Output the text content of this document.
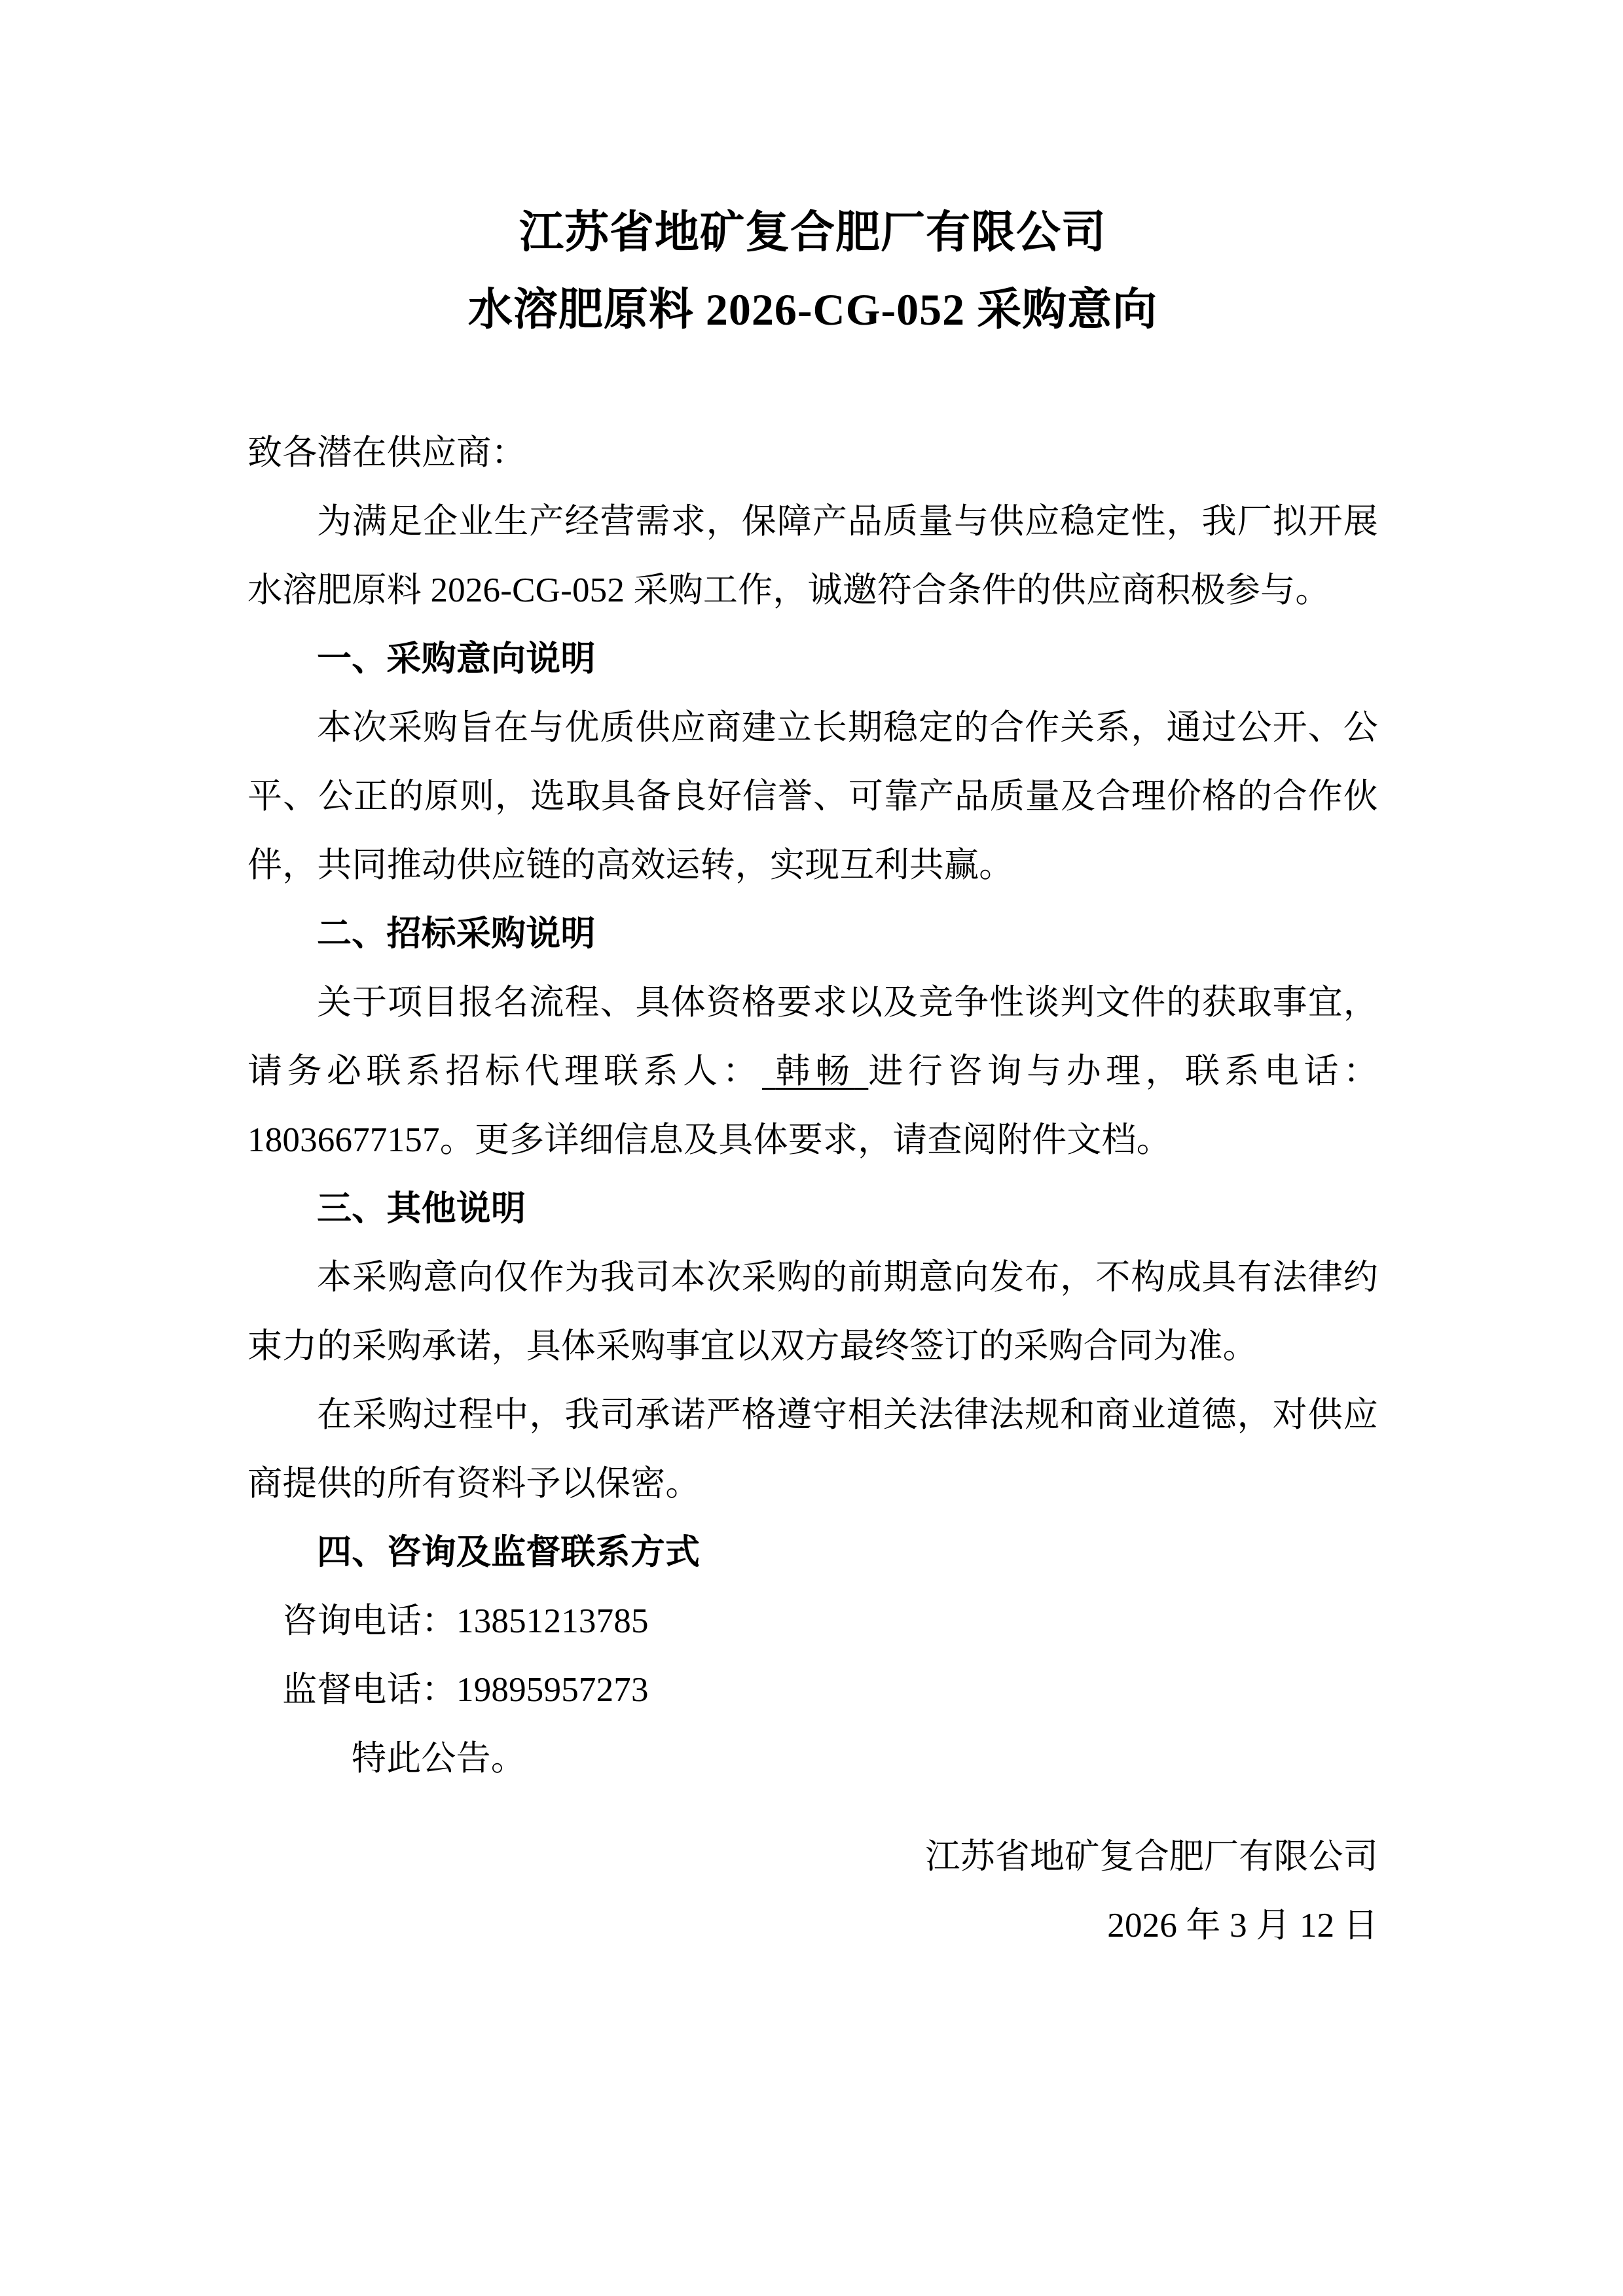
江苏省地矿复合肥厂有限公司
水溶肥原料 2026-CG-052 采购意向

致各潜在供应商：

为满足企业生产经营需求，保障产品质量与供应稳定性，我厂拟开展水溶肥原料 2026-CG-052 采购工作，诚邀符合条件的供应商积极参与。

一、采购意向说明

本次采购旨在与优质供应商建立长期稳定的合作关系，通过公开、公平、公正的原则，选取具备良好信誉、可靠产品质量及合理价格的合作伙伴，共同推动供应链的高效运转，实现互利共赢。

二、招标采购说明

关于项目报名流程、具体资格要求以及竞争性谈判文件的获取事宜，请务必联系招标代理联系人： 韩畅 进行咨询与办理，联系电话：18036677157。更多详细信息及具体要求，请查阅附件文档。

三、其他说明

本采购意向仅作为我司本次采购的前期意向发布，不构成具有法律约束力的采购承诺，具体采购事宜以双方最终签订的采购合同为准。

在采购过程中，我司承诺严格遵守相关法律法规和商业道德，对供应商提供的所有资料予以保密。

四、咨询及监督联系方式

咨询电话：13851213785

监督电话：19895957273

特此公告。

江苏省地矿复合肥厂有限公司

2026 年 3 月 12 日
